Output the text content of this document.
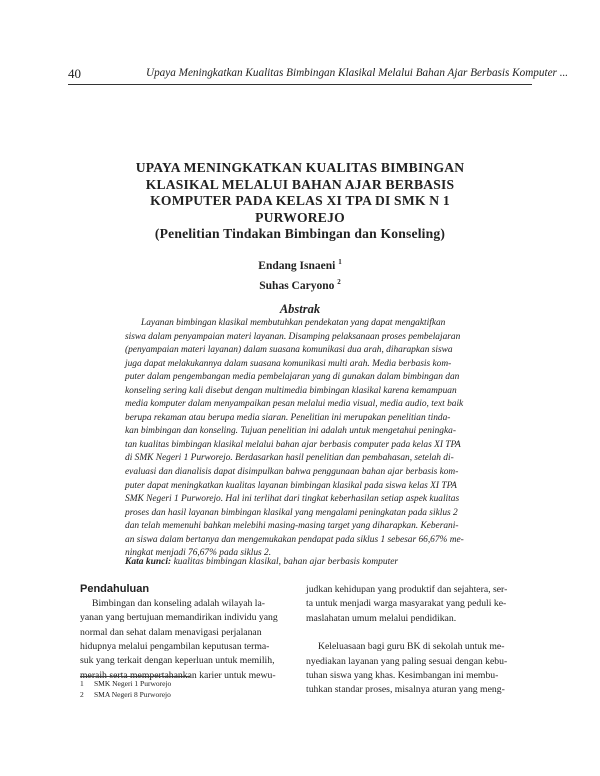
40	Upaya Meningkatkan Kualitas Bimbingan Klasikal Melalui Bahan Ajar Berbasis Komputer ...
UPAYA MENINGKATKAN KUALITAS BIMBINGAN
KLASIKAL MELALUI BAHAN AJAR BERBASIS
KOMPUTER PADA KELAS XI TPA DI SMK N 1
PURWOREJO
(Penelitian Tindakan Bimbingan dan Konseling)
Endang Isnaeni $^1$
Suhas Caryono $^2$
Abstrak
Layanan bimbingan klasikal membutuhkan pendekatan yang dapat mengaktifkan
siswa dalam penyampaian materi layanan. Disamping pelaksanaan proses pembelajaran
(penyampaian materi layanan) dalam suasana komunikasi dua arah, diharapkan siswa
juga dapat melakukannya dalam suasana komunikasi multi arah. Media berbasis kom-
puter dalam pengembangan media pembelajaran yang di gunakan dalam bimbingan dan
konseling sering kali disebut dengan multimedia bimbingan klasikal karena kemampuan
media komputer dalam menyampaikan pesan melalui media visual, media audio, text baik
berupa rekaman atau berupa media siaran. Penelitian ini merupakan penelitian tinda-
kan bimbingan dan konseling. Tujuan penelitian ini adalah untuk mengetahui peningka-
tan kualitas bimbingan klasikal melalui bahan ajar berbasis computer pada kelas XI TPA
di SMK Negeri 1 Purworejo. Berdasarkan hasil penelitian dan pembahasan, setelah di-
evaluasi dan dianalisis dapat disimpulkan bahwa penggunaan bahan ajar berbasis kom-
puter dapat meningkatkan kualitas layanan bimbingan klasikal pada siswa kelas XI TPA
SMK Negeri 1 Purworejo. Hal ini terlihat dari tingkat keberhasilan setiap aspek kualitas
proses dan hasil layanan bimbingan klasikal yang mengalami peningkatan pada siklus 2
dan telah memenuhi bahkan melebihi masing-masing target yang diharapkan. Keberani-
an siswa dalam bertanya dan mengemukakan pendapat pada siklus 1 sebesar 66,67% me-
ningkat menjadi 76,67% pada siklus 2.
Kata kunci: kualitas bimbingan klasikal, bahan ajar berbasis komputer
Pendahuluan
Bimbingan dan konseling adalah wilayah la-
yanan yang bertujuan memandirikan individu yang
normal dan sehat dalam menavigasi perjalanan
hidupnya melalui pengambilan keputusan terma-
suk yang terkait dengan keperluan untuk memilih,
meraih serta mempertahankan karier untuk mewu-
judkan kehidupan yang produktif dan sejahtera, ser-
ta untuk menjadi warga masyarakat yang peduli ke-
maslahatan umum melalui pendidikan.
Keleluasaan bagi guru BK di sekolah untuk me-
nyediakan layanan yang paling sesuai dengan kebu-
tuhan siswa yang khas. Kesimbangan ini membu-
tuhkan standar proses, misalnya aturan yang meng-
1 SMK Negeri 1 Purworejo
2 SMA Negeri 8 Purworejo
